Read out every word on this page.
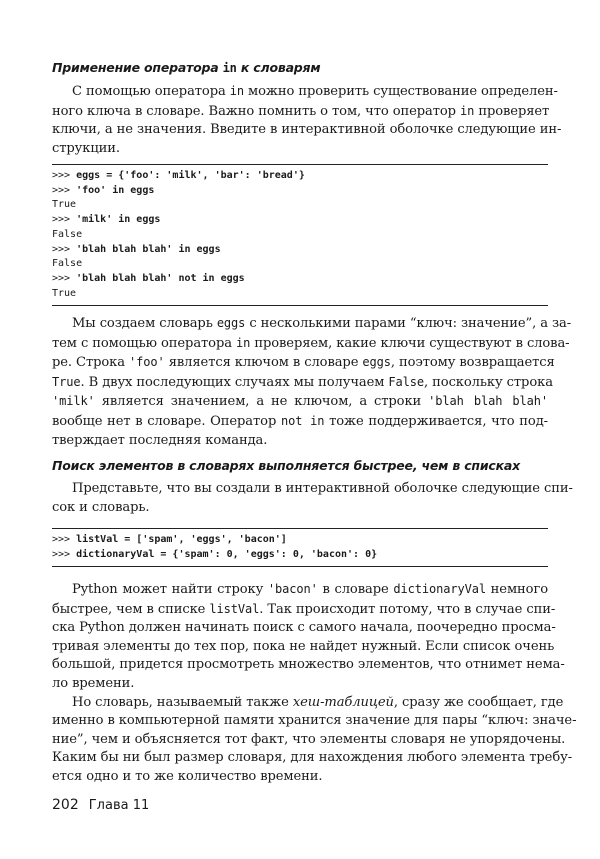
Применение оператора in к словарям
С помощью оператора in можно проверить существование определен-
ного ключа в словаре. Важно помнить о том, что оператор in проверяет
ключи, а не значения. Введите в интерактивной оболочке следующие ин-
струкции.
>>> eggs = {'foo': 'milk', 'bar': 'bread'}
>>> 'foo' in eggs
True
>>> 'milk' in eggs
False
>>> 'blah blah blah' in eggs
False
>>> 'blah blah blah' not in eggs
True
Мы создаем словарь eggs с несколькими парами “ключ: значение”, а за-
тем с помощью оператора in проверяем, какие ключи существуют в слова-
ре. Строка 'foo' является ключом в словаре eggs, поэтому возвращается
True. В двух последующих случаях мы получаем False, поскольку строка
'milk' является значением, а не ключом, а строки 'blah blah blah'
вообще нет в словаре. Оператор not in тоже поддерживается, что под-
тверждает последняя команда.
Поиск элементов в словарях выполняется быстрее, чем в списках
Представьте, что вы создали в интерактивной оболочке следующие спи-
сок и словарь.
>>> listVal = ['spam', 'eggs', 'bacon']
>>> dictionaryVal = {'spam': 0, 'eggs': 0, 'bacon': 0}
Python может найти строку 'bacon' в словаре dictionaryVal немного
быстрее, чем в списке listVal. Так происходит потому, что в случае спи-
ска Python должен начинать поиск с самого начала, поочередно просма-
тривая элементы до тех пор, пока не найдет нужный. Если список очень
большой, придется просмотреть множество элементов, что отнимет нема-
ло времени.
Но словарь, называемый также хеш-таблицей, сразу же сообщает, где
именно в компьютерной памяти хранится значение для пары “ключ: значе-
ние”, чем и объясняется тот факт, что элементы словаря не упорядочены.
Каким бы ни был размер словаря, для нахождения любого элемента требу-
ется одно и то же количество времени.
202 Глава 11
